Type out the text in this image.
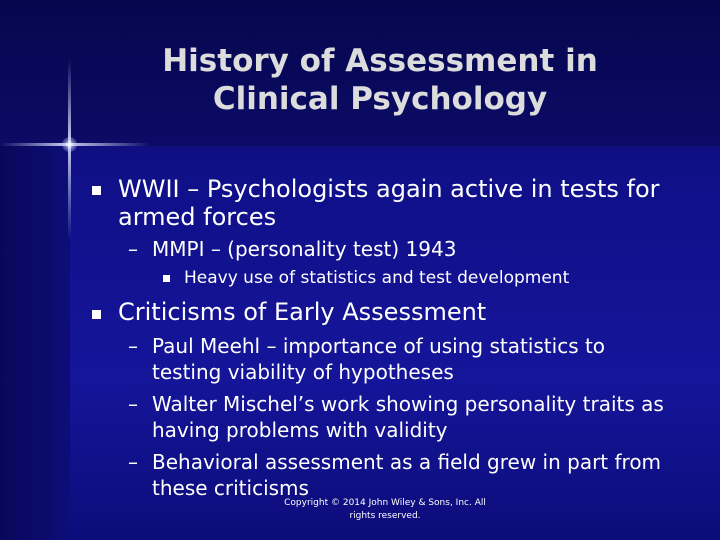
History of Assessment in Clinical Psychology
WWII – Psychologists again active in tests for armed forces
– MMPI – (personality test) 1943
Heavy use of statistics and test development
Criticisms of Early Assessment
– Paul Meehl – importance of using statistics to testing viability of hypotheses
– Walter Mischel’s work showing personality traits as having problems with validity
– Behavioral assessment as a field grew in part from these criticisms
Copyright © 2014 John Wiley & Sons, Inc. All rights reserved.
